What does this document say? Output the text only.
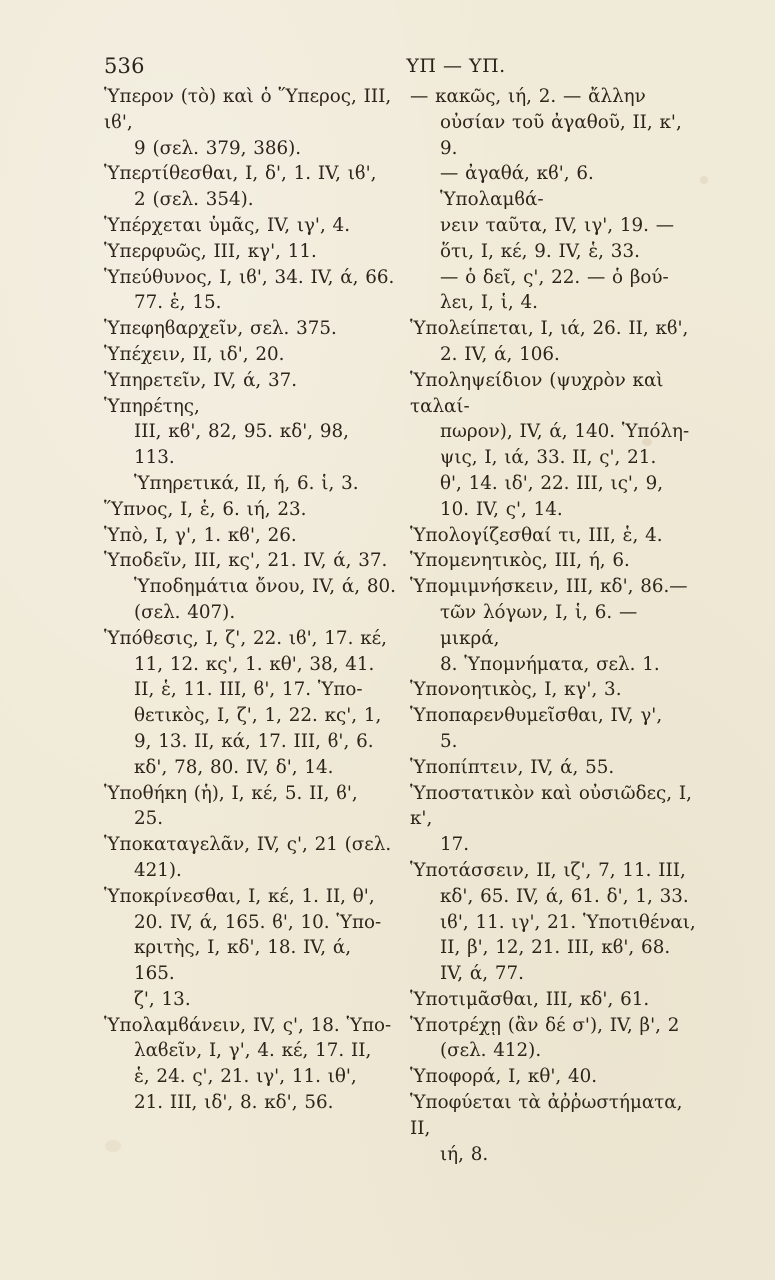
536	ΥΠ — ΥΠ.
Ὑπερον (τὸ) καὶ ὁ Ὕπερος, III, ιϐ',
9 (σελ. 379, 386).
Ὑπερτίθεσθαι, I, δ', 1. IV, ιϐ',
2 (σελ. 354).
Ὑπέρχεται ὑμᾶς, IV, ιγ', 4.
Ὑπερφυῶς, III, κγ', 11.
Ὑπεύθυνος, I, ιϐ', 34. IV, ά, 66.
77. ἑ, 15.
Ὑπεφηϐαρχεῖν, σελ. 375.
Ὑπέχειν, II, ιδ', 20.
Ὑπηρετεῖν, IV, ά, 37. Ὑπηρέτης,
III, κϐ', 82, 95. κδ', 98, 113.
Ὑπηρετικά, II, ή, 6. ἱ, 3.
Ὕπνος, I, ἑ, 6. ιή, 23.
Ὑπὸ, I, γ', 1. κϐ', 26.
Ὑποδεῖν, III, κς', 21. IV, ά, 37.
Ὑποδημάτια ὄνου, IV, ά, 80.
(σελ. 407).
Ὑπόθεσις, I, ζ', 22. ιϐ', 17. κέ,
11, 12. κς', 1. κθ', 38, 41.
II, ἑ, 11. III, ϐ', 17. Ὑπο-
θετικὸς, I, ζ', 1, 22. κς', 1,
9, 13. II, κά, 17. III, ϐ', 6.
κδ', 78, 80. IV, δ', 14.
Ὑποθήκη (ἡ), I, κέ, 5. II, ϐ',
25.
Ὑποκαταγελᾶν, IV, ς', 21 (σελ.
421).
Ὑποκρίνεσθαι, I, κέ, 1. II, θ',
20. IV, ά, 165. ϐ', 10. Ὑπο-
κριτὴς, I, κδ', 18. IV, ά, 165.
ζ', 13.
Ὑπολαμϐάνειν, IV, ς', 18. Ὑπο-
λαϐεῖν, I, γ', 4. κέ, 17. II,
ἑ, 24. ς', 21. ιγ', 11. ιθ',
21. III, ιδ', 8. κδ', 56.
— κακῶς, ιή, 2. — ἄλλην
οὐσίαν τοῦ ἀγαθοῦ, II, κ', 9.
— ἀγαθά, κϐ', 6. Ὑπολαμϐά-
νειν ταῦτα, IV, ιγ', 19. —
ὅτι, I, κέ, 9. IV, ἑ, 33.
— ὁ δεῖ, ς', 22. — ὁ βού-
λει, I, ἱ, 4.
Ὑπολείπεται, I, ιά, 26. II, κϐ',
2. IV, ά, 106.
Ὑποληψείδιον (ψυχρὸν καὶ ταλαί-
πωρον), IV, ά, 140. Ὑπόλη-
ψις, I, ιά, 33. II, ς', 21.
θ', 14. ιδ', 22. III, ις', 9,
10. IV, ς', 14.
Ὑπολογίζεσθαί τι, III, ἑ, 4.
Ὑπομενητικὸς, III, ή, 6.
Ὑπομιμνήσκειν, III, κδ', 86.—
τῶν λόγων, I, ἱ, 6. — μικρά,
8. Ὑπομνήματα, σελ. 1.
Ὑπονοητικὸς, I, κγ', 3.
Ὑποπαρενθυμεῖσθαι, IV, γ',
5.
Ὑποπίπτειν, IV, ά, 55.
Ὑποστατικὸν καὶ οὐσιῶδες, I, κ',
17.
Ὑποτάσσειν, II, ιζ', 7, 11. III,
κδ', 65. IV, ά, 61. δ', 1, 33.
ιϐ', 11. ιγ', 21. Ὑποτιθέναι,
II, β', 12, 21. III, κϐ', 68.
IV, ά, 77.
Ὑποτιμᾶσθαι, III, κδ', 61.
Ὑποτρέχῃ (ἂν δέ σ'), IV, β', 2
(σελ. 412).
Ὑποφορά, I, κθ', 40.
Ὑποφύεται τὰ ἀῤῥωστήματα, II,
ιή, 8.
